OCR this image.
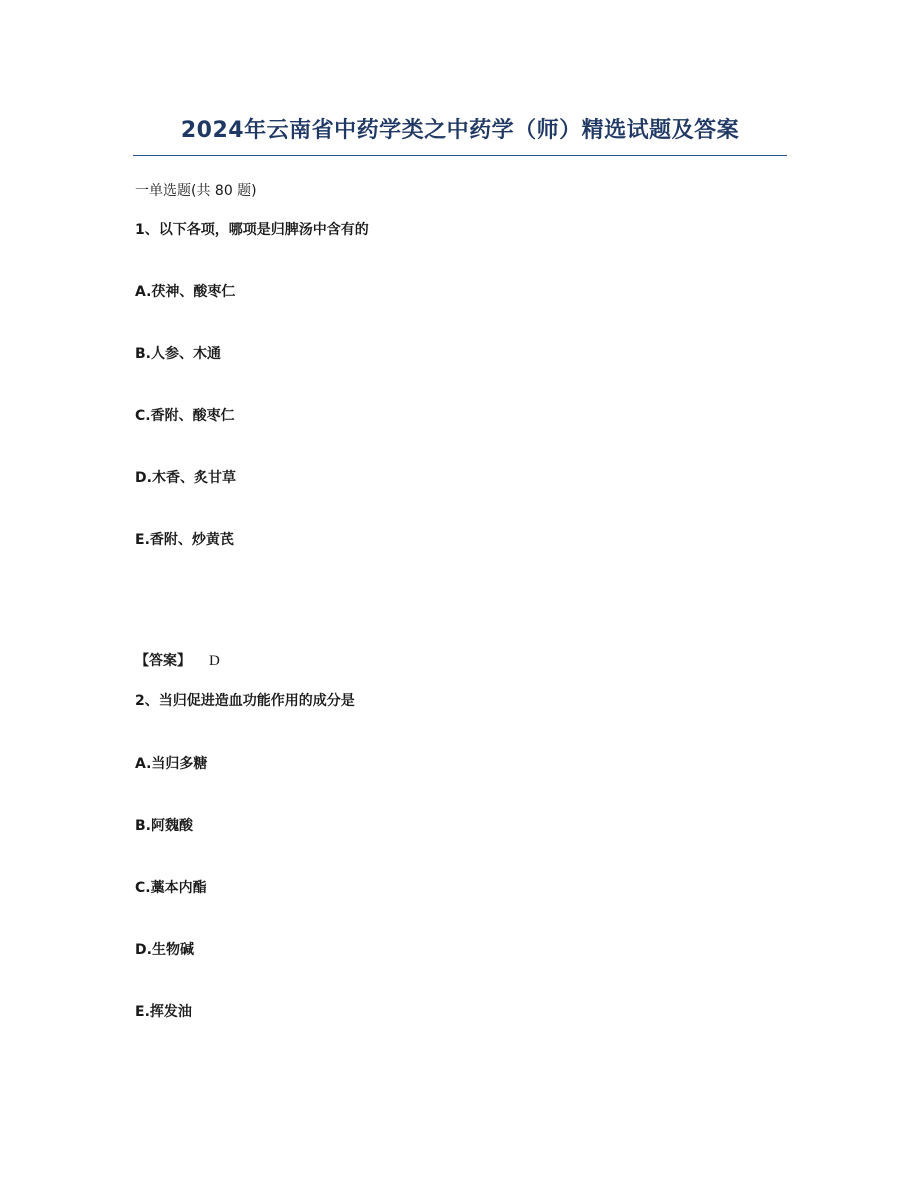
2024年云南省中药学类之中药学（师）精选试题及答案
一单选题(共 80 题)
1、以下各项，哪项是归脾汤中含有的
A.茯神、酸枣仁
B.人参、木通
C.香附、酸枣仁
D.木香、炙甘草
E.香附、炒黄芪
【答案】 D
2、当归促进造血功能作用的成分是
A.当归多糖
B.阿魏酸
C.藁本内酯
D.生物碱
E.挥发油
